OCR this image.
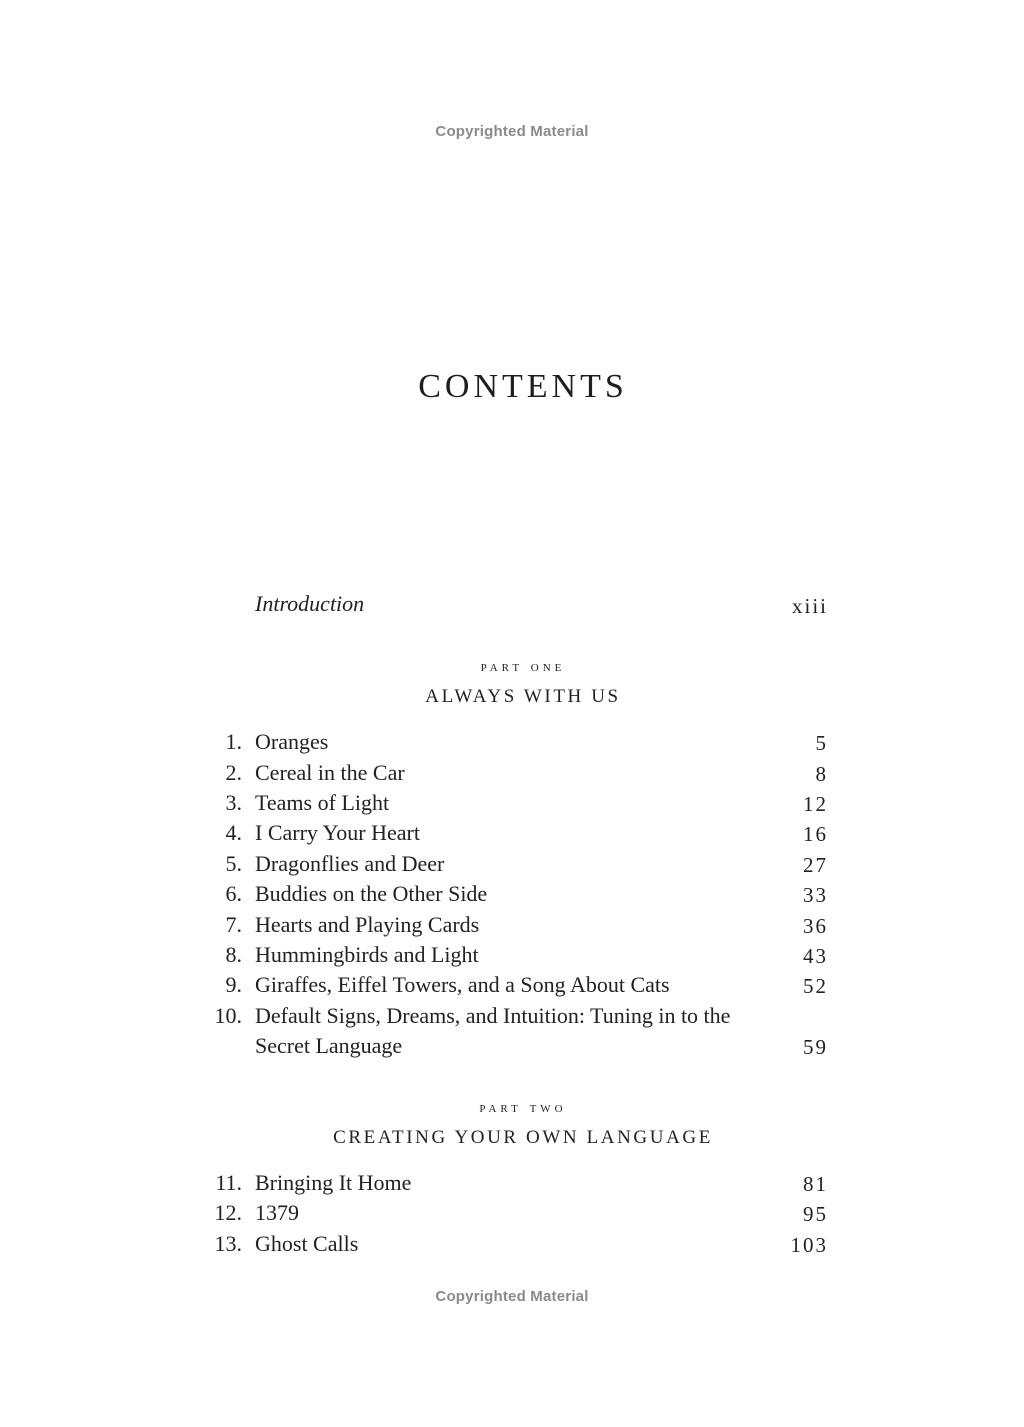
Copyrighted Material
CONTENTS
Introduction	xiii
part one
ALWAYS WITH US
1. Oranges	5
2. Cereal in the Car	8
3. Teams of Light	12
4. I Carry Your Heart	16
5. Dragonflies and Deer	27
6. Buddies on the Other Side	33
7. Hearts and Playing Cards	36
8. Hummingbirds and Light	43
9. Giraffes, Eiffel Towers, and a Song About Cats	52
10. Default Signs, Dreams, and Intuition: Tuning in to the
Secret Language	59
part two
CREATING YOUR OWN LANGUAGE
11. Bringing It Home	81
12. 1379	95
13. Ghost Calls	103
Copyrighted Material
